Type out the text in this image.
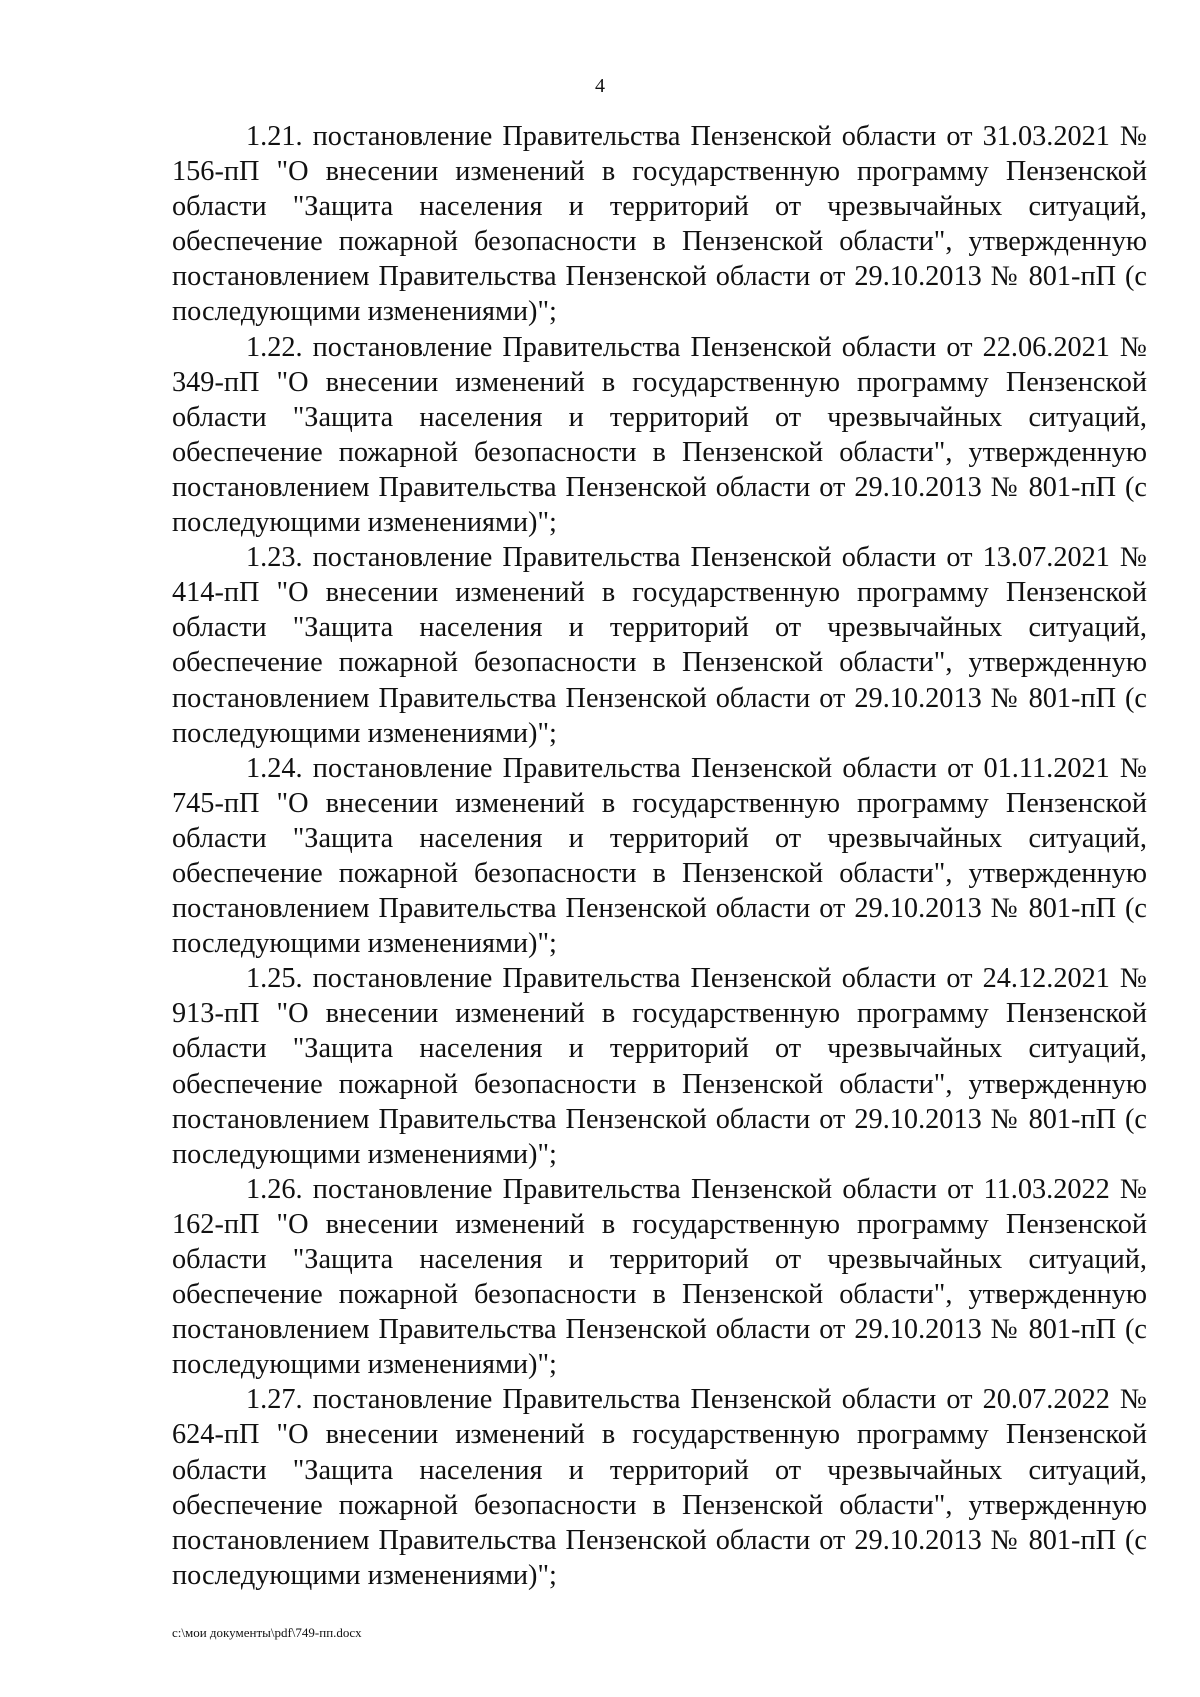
4

1.21. постановление Правительства Пензенской области от 31.03.2021 № 156-пП "О внесении изменений в государственную программу Пензенской области "Защита населения и территорий от чрезвычайных ситуаций, обеспечение пожарной безопасности в Пензенской области", утвержденную постановлением Правительства Пензенской области от 29.10.2013 № 801-пП (с последующими изменениями)";

1.22. постановление Правительства Пензенской области от 22.06.2021 № 349-пП "О внесении изменений в государственную программу Пензенской области "Защита населения и территорий от чрезвычайных ситуаций, обеспечение пожарной безопасности в Пензенской области", утвержденную постановлением Правительства Пензенской области от 29.10.2013 № 801-пП (с последующими изменениями)";

1.23. постановление Правительства Пензенской области от 13.07.2021 № 414-пП "О внесении изменений в государственную программу Пензенской области "Защита населения и территорий от чрезвычайных ситуаций, обеспечение пожарной безопасности в Пензенской области", утвержденную постановлением Правительства Пензенской области от 29.10.2013 № 801-пП (с последующими изменениями)";

1.24. постановление Правительства Пензенской области от 01.11.2021 № 745-пП "О внесении изменений в государственную программу Пензенской области "Защита населения и территорий от чрезвычайных ситуаций, обеспечение пожарной безопасности в Пензенской области", утвержденную постановлением Правительства Пензенской области от 29.10.2013 № 801-пП (с последующими изменениями)";

1.25. постановление Правительства Пензенской области от 24.12.2021 № 913-пП "О внесении изменений в государственную программу Пензенской области "Защита населения и территорий от чрезвычайных ситуаций, обеспечение пожарной безопасности в Пензенской области", утвержденную постановлением Правительства Пензенской области от 29.10.2013 № 801-пП (с последующими изменениями)";

1.26. постановление Правительства Пензенской области от 11.03.2022 № 162-пП "О внесении изменений в государственную программу Пензенской области "Защита населения и территорий от чрезвычайных ситуаций, обеспечение пожарной безопасности в Пензенской области", утвержденную постановлением Правительства Пензенской области от 29.10.2013 № 801-пП (с последующими изменениями)";

1.27. постановление Правительства Пензенской области от 20.07.2022 № 624-пП "О внесении изменений в государственную программу Пензенской области "Защита населения и территорий от чрезвычайных ситуаций, обеспечение пожарной безопасности в Пензенской области", утвержденную постановлением Правительства Пензенской области от 29.10.2013 № 801-пП (с последующими изменениями)";

c:\мои документы\pdf\749-пп.docx
